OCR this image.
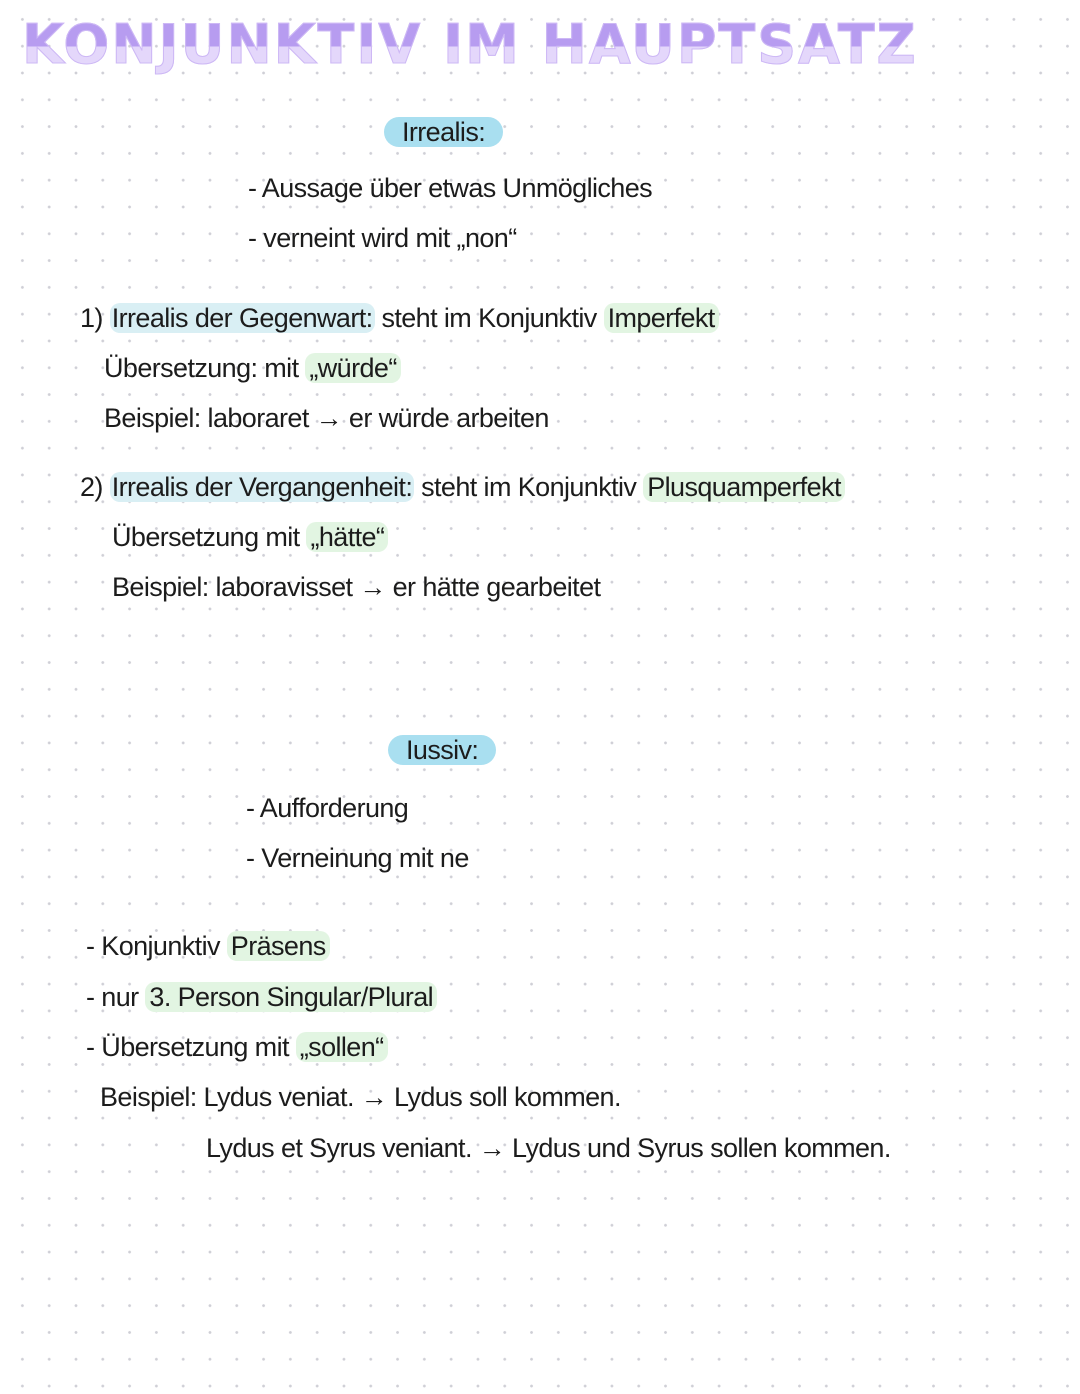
KONJUNKTIV IM HAUPTSATZ
Irrealis:
- Aussage über etwas Unmögliches
- verneint wird mit „non“
1) Irrealis der Gegenwart: steht im Konjunktiv Imperfekt
Übersetzung: mit „würde“
Beispiel: laboraret → er würde arbeiten
2) Irrealis der Vergangenheit: steht im Konjunktiv Plusquamperfekt
Übersetzung mit „hätte“
Beispiel: laboravisset → er hätte gearbeitet
Iussiv:
- Aufforderung
- Verneinung mit ne
- Konjunktiv Präsens
- nur 3. Person Singular/Plural
- Übersetzung mit „sollen“
Beispiel: Lydus veniat. → Lydus soll kommen.
Lydus et Syrus veniant. → Lydus und Syrus sollen kommen.
